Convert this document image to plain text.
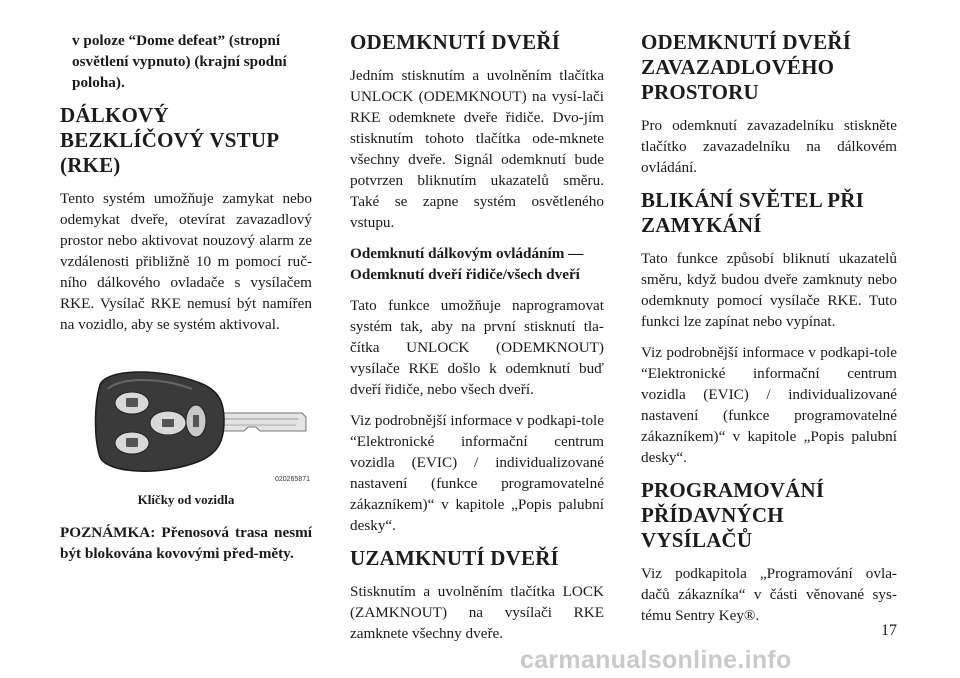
v poloze “Dome defeat” (stropní osvětlení vypnuto) (krajní spodní poloha).

DÁLKOVÝ BEZKLÍČOVÝ VSTUP (RKE)

Tento systém umožňuje zamykat nebo odemykat dveře, otevírat zavazadlový prostor nebo aktivovat nouzový alarm ze vzdálenosti přibližně 10 m pomocí ruč-ního dálkového ovladače s vysílačem RKE. Vysílač RKE nemusí být namířen na vozidlo, aby se systém aktivoval.

020265871

Klíčky od vozidla

POZNÁMKA: Přenosová trasa nesmí být blokována kovovými před-měty.

ODEMKNUTÍ DVEŘÍ

Jedním stisknutím a uvolněním tlačítka UNLOCK (ODEMKNOUT) na vysí-lači RKE odemknete dveře řidiče. Dvo-jím stisknutím tohoto tlačítka ode-mknete všechny dveře. Signál odemknutí bude potvrzen bliknutím ukazatelů směru. Také se zapne systém osvětleného vstupu.

Odemknutí dálkovým ovládáním — Odemknutí dveří řidiče/všech dveří

Tato funkce umožňuje naprogramovat systém tak, aby na první stisknutí tla-čítka UNLOCK (ODEMKNOUT) vysílače RKE došlo k odemknutí buď dveří řidiče, nebo všech dveří.

Viz podrobnější informace v podkapi-tole “Elektronické informační centrum vozidla (EVIC) / individualizované nastavení (funkce programovatelné zákazníkem)“ v kapitole „Popis palubní desky“.

UZAMKNUTÍ DVEŘÍ

Stisknutím a uvolněním tlačítka LOCK (ZAMKNOUT) na vysílači RKE zamknete všechny dveře.

ODEMKNUTÍ DVEŘÍ ZAVAZADLOVÉHO PROSTORU

Pro odemknutí zavazadelníku stiskněte tlačítko zavazadelníku na dálkovém ovládání.

BLIKÁNÍ SVĚTEL PŘI ZAMYKÁNÍ

Tato funkce způsobí bliknutí ukazatelů směru, když budou dveře zamknuty nebo odemknuty pomocí vysílače RKE. Tuto funkci lze zapínat nebo vypínat.

Viz podrobnější informace v podkapi-tole “Elektronické informační centrum vozidla (EVIC) / individualizované nastavení (funkce programovatelné zákazníkem)“ v kapitole „Popis palubní desky“.

PROGRAMOVÁNÍ PŘÍDAVNÝCH VYSÍLAČŮ

Viz podkapitola „Programování ovla-dačů zákazníka“ v části věnované sys-tému Sentry Key®.

17
carmanualsonline.info
